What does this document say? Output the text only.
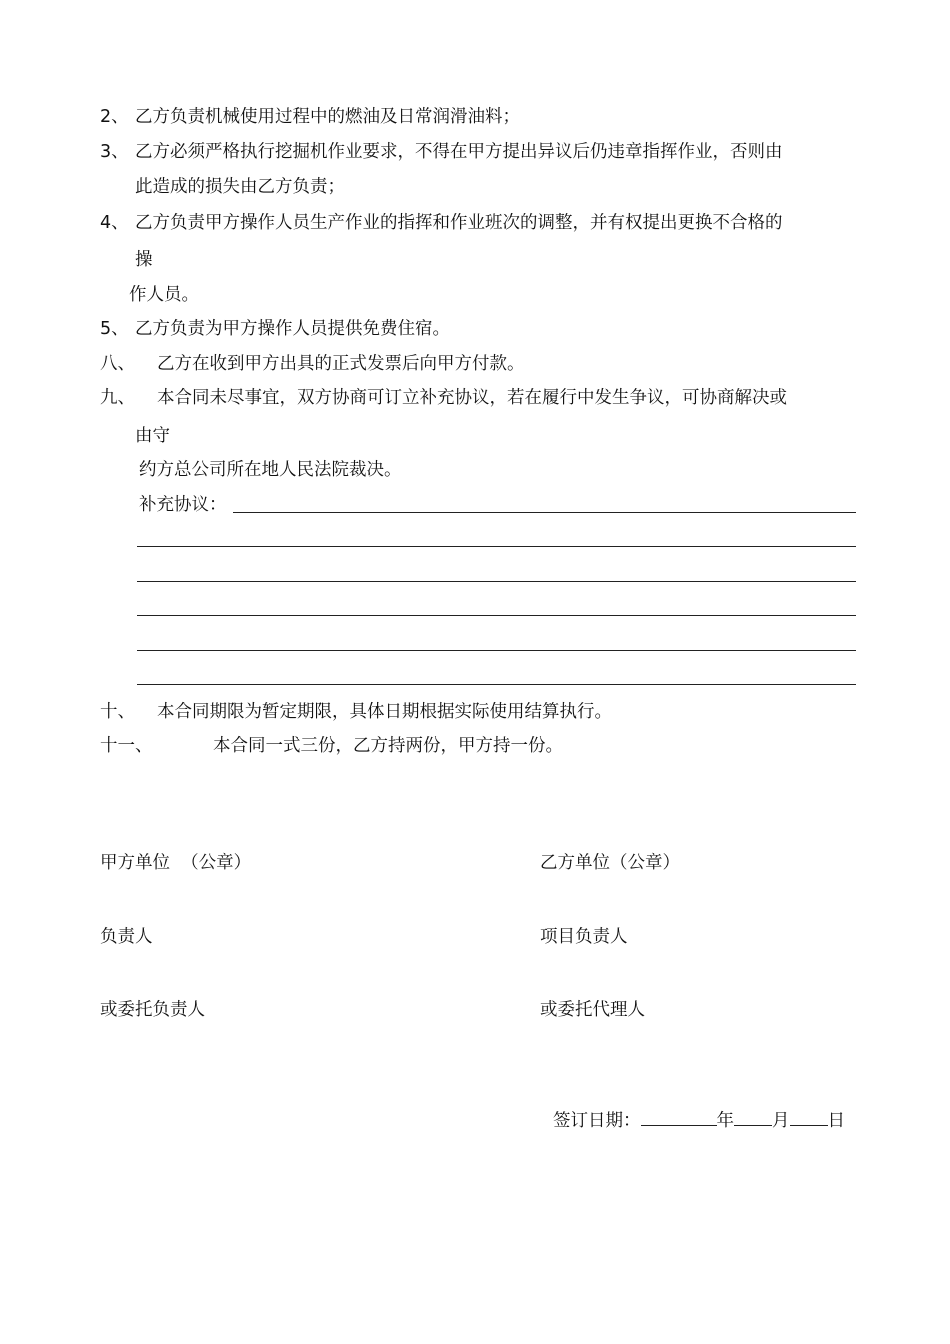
2、 乙方负责机械使用过程中的燃油及日常润滑油料；
3、 乙方必须严格执行挖掘机作业要求，不得在甲方提出异议后仍违章指挥作业，否则由
此造成的损失由乙方负责；
4、 乙方负责甲方操作人员生产作业的指挥和作业班次的调整，并有权提出更换不合格的
操
作人员。
5、 乙方负责为甲方操作人员提供免费住宿。
八、 乙方在收到甲方出具的正式发票后向甲方付款。
九、 本合同未尽事宜，双方协商可订立补充协议，若在履行中发生争议，可协商解决或
由守
约方总公司所在地人民法院裁决。
补充协议：
十、 本合同期限为暂定期限，具体日期根据实际使用结算执行。
十一、	本合同一式三份，乙方持两份，甲方持一份。
甲方单位  （公章）	乙方单位（公章）
负责人	项目负责人
或委托负责人	或委托代理人
签订日期：	年 月 日
